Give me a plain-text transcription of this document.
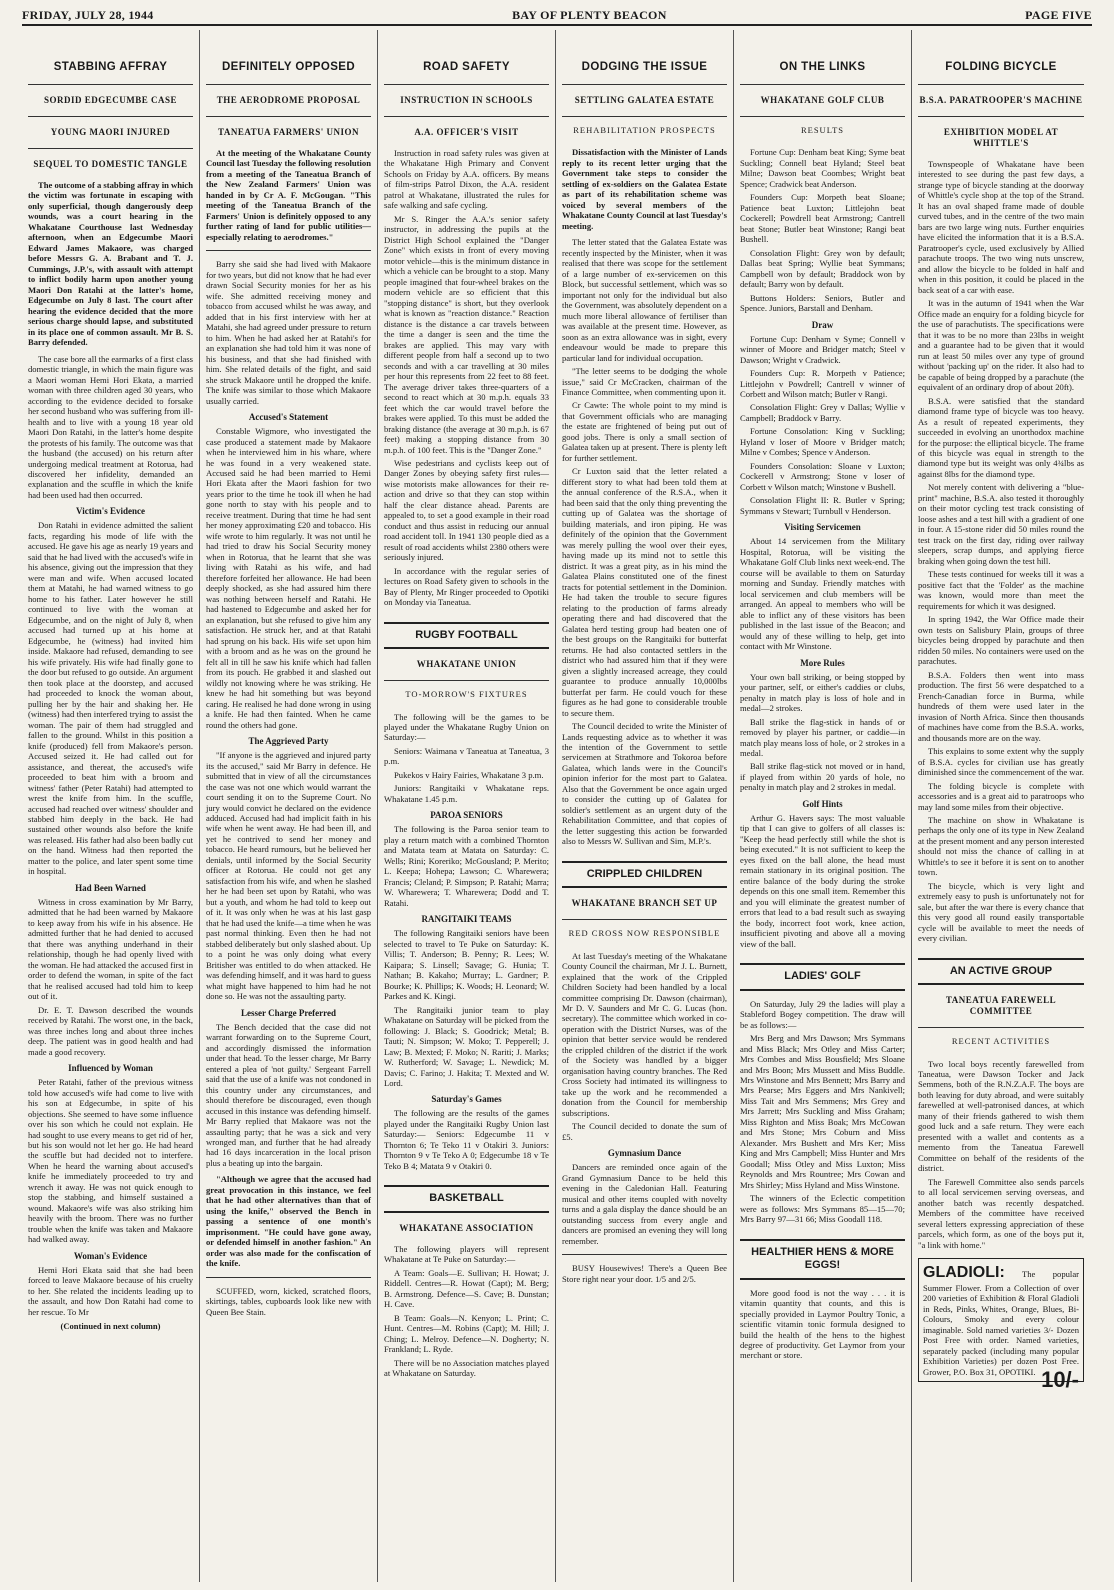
FRIDAY, JULY 28, 1944	BAY OF PLENTY BEACON	PAGE FIVE
STABBING AFFRAY
SORDID EDGECUMBE CASE
YOUNG MAORI INJURED
SEQUEL TO DOMESTIC TANGLE
The outcome of a stabbing affray in which the victim was fortunate in escaping with only superficial, though dangerously deep wounds, was a court hearing in the Whakatane Courthouse last Wednesday afternoon, when an Edgecumbe Maori Edward James Makaore, was charged before Messrs G. A. Brabant and T. J. Cummings, J.P.'s, with assault with attempt to inflict bodily harm upon another young Maori Don Ratahi at the latter's home, Edgecumbe on July 8 last. The court after hearing the evidence decided that the more serious charge should lapse, and substituted in its place one of common assault. Mr B. S. Barry defended.

The case bore all the earmarks of a first class domestic triangle, in which the main figure was a Maori woman Hemi Hori Ekata, a married woman with three children aged 30 years, who according to the evidence decided to forsake her second husband who was suffering from ill-health and to live with a young 18 year old Maori Don Ratahi, in the latter's home despite the protests of his family. The outcome was that the husband (the accused) on his return after undergoing medical treatment at Rotorua, had discovered her infidelity, demanded an explanation and the scuffle in which the knife had been used had then occurred.

Victim's Evidence

Don Ratahi in evidence admitted the salient facts, regarding his mode of life with the accused. He gave his age as nearly 19 years and said that he had lived with the accused's wife in his absence, giving out the impression that they were man and wife. When accused located them at Matahi, he had warned witness to go home to his father. Later however he still continued to live with the woman at Edgecumbe, and on the night of July 8, when accused had turned up at his home at Edgecumbe, he (witness) had invited him inside. Makaore had refused, demanding to see his wife privately. His wife had finally gone to the door but refused to go outside. An argument then took place at the doorstep, and accused had proceeded to knock the woman about, pulling her by the hair and shaking her. He (witness) had then interfered trying to assist the woman. The pair of them had struggled and fallen to the ground. Whilst in this position a knife (produced) fell from Makaore's person. Accused seized it. He had called out for assistance, and thereat, the accused's wife proceeded to beat him with a broom and witness' father (Peter Ratahi) had attempted to wrest the knife from him. In the scuffle, accused had reached over witness' shoulder and stabbed him deeply in the back. He had sustained other wounds also before the knife was released. His father had also been badly cut on the hand. Witness had then reported the matter to the police, and later spent some time in hospital.

Had Been Warned

Witness in cross examination by Mr Barry, admitted that he had been warned by Makaore to keep away from his wife in his absence. He admitted further that he had denied to accused that there was anything underhand in their relationship, though he had openly lived with the woman. He had attacked the accused first in order to defend the woman, in spite of the fact that he realised accused had told him to keep out of it.

Dr. E. T. Dawson described the wounds received by Ratahi. The worst one, in the back, was three inches long and about three inches deep. The patient was in good health and had made a good recovery.

Influenced by Woman

Peter Ratahi, father of the previous witness told how accused's wife had come to live with his son at Edgecumbe, in spite of his objections. She seemed to have some influence over his son which he could not explain. He had sought to use every means to get rid of her, but his son would not let her go. He had heard the scuffle but had decided not to interfere. When he heard the warning about accused's knife he immediately proceeded to try and wrench it away. He was not quick enough to stop the stabbing, and himself sustained a wound. Makaore's wife was also striking him heavily with the broom. There was no further trouble when the knife was taken and Makaore had walked away.

Woman's Evidence

Hemi Hori Ekata said that she had been forced to leave Makaore because of his cruelty to her. She related the incidents leading up to the assault, and how Don Ratahi had come to her rescue. To Mr

(Continued in next column)
DEFINITELY OPPOSED
THE AERODROME PROPOSAL
TANEATUA FARMERS' UNION
At the meeting of the Whakatane County Council last Tuesday the following resolution from a meeting of the Taneatua Branch of the New Zealand Farmers' Union was handed in by Cr A. F. McGougan. "This meeting of the Taneatua Branch of the Farmers' Union is definitely opposed to any further rating of land for public utilities—especially relating to aerodromes."

Barry she said she had lived with Makaore for two years, but did not know that he had ever drawn Social Security monies for her as his wife. She admitted receiving money and tobacco from accused whilst he was away, and added that in his first interview with her at Matahi, she had agreed under pressure to return to him. When he had asked her at Ratahi's for an explanation she had told him it was none of his business, and that she had finished with him. She related details of the fight, and said she struck Makaore until he dropped the knife. The knife was similar to those which Makaore usually carried.

Accused's Statement

Constable Wigmore, who investigated the case produced a statement made by Makaore when he interviewed him in his whare, where he was found in a very weakened state. Accused said he had been married to Hemi Hori Ekata after the Maori fashion for two years prior to the time he took ill when he had gone north to stay with his people and to receive treatment. During that time he had sent her money approximating £20 and tobacco. His wife wrote to him regularly. It was not until he had tried to draw his Social Security money when in Rotorua, that he learnt that she was living with Ratahi as his wife, and had therefore forfeited her allowance. He had been deeply shocked, as she had assured him there was nothing between herself and Ratahi. He had hastened to Edgecumbe and asked her for an explanation, but she refused to give him any satisfaction. He struck her, and at that Ratahi had sprung on his back. His wife set upon him with a broom and as he was on the ground he felt all in till he saw his knife which had fallen from its pouch. He grabbed it and slashed out wildly not knowing where he was striking. He knew he had hit something but was beyond caring. He realised he had done wrong in using a knife. He had then fainted. When he came round the others had gone.

The Aggrieved Party

"If anyone is the aggrieved and injured party its the accused," said Mr Barry in defence. He submitted that in view of all the circumstances the case was not one which would warrant the court sending it on to the Supreme Court. No jury would convict he declared on the evidence adduced. Accused had had implicit faith in his wife when he went away. He had been ill, and yet he contrived to send her money and tobacco. He heard rumours, but he believed her denials, until informed by the Social Security officer at Rotorua. He could not get any satisfaction from his wife, and when he slashed her he had been set upon by Ratahi, who was but a youth, and whom he had told to keep out of it. It was only when he was at his last gasp that he had used the knife—a time when he was past normal thinking. Even then he had not stabbed deliberately but only slashed about. Up to a point he was only doing what every Britisher was entitled to do when attacked. He was defending himself, and it was hard to guess what might have happened to him had he not done so. He was not the assaulting party.

Lesser Charge Preferred

The Bench decided that the case did not warrant forwarding on to the Supreme Court, and accordingly dismissed the information under that head. To the lesser charge, Mr Barry entered a plea of 'not guilty.' Sergeant Farrell said that the use of a knife was not condoned in this country under any circumstances, and should therefore be discouraged, even though accused in this instance was defending himself. Mr Barry replied that Makaore was not the assaulting party; that he was a sick and very wronged man, and further that he had already had 16 days incarceration in the local prison plus a beating up into the bargain.

"Although we agree that the accused had great provocation in this instance, we feel that he had other alternatives than that of using the knife," observed the Bench in passing a sentence of one month's imprisonment. "He could have gone away, or defended himself in another fashion." An order was also made for the confiscation of the knife.

SCUFFED, worn, kicked, scratched floors, skirtings, tables, cupboards look like new with Queen Bee Stain.

ROAD SAFETY
INSTRUCTION IN SCHOOLS
A.A. OFFICER'S VISIT

Instruction in road safety rules was given at the Whakatane High Primary and Convent Schools on Friday by A.A. officers. By means of film-strips Patrol Dixon, the A.A. resident patrol at Whakatane, illustrated the rules for safe walking and safe cycling.

Mr S. Ringer the A.A.'s senior safety instructor, in addressing the pupils at the District High School explained the "Danger Zone" which exists in front of every moving motor vehicle—this is the minimum distance in which a vehicle can be brought to a stop. Many people imagined that four-wheel brakes on the modern vehicle are so efficient that this "stopping distance" is short, but they overlook what is known as "reaction distance." Reaction distance is the distance a car travels between the time a danger is seen and the time the brakes are applied. This may vary with different people from half a second up to two seconds and with a car travelling at 30 miles per hour this represents from 22 feet to 88 feet. The average driver takes three-quarters of a second to react which at 30 m.p.h. equals 33 feet which the car would travel before the brakes were applied. To this must be added the braking distance (the average at 30 m.p.h. is 67 feet) making a stopping distance from 30 m.p.h. of 100 feet. This is the "Danger Zone."

Wise pedestrians and cyclists keep out of Danger Zones by obeying safety first rules—wise motorists make allowances for their re-action and drive so that they can stop within half the clear distance ahead. Parents are appealed to, to set a good example in their road conduct and thus assist in reducing our annual road accident toll. In 1941 130 people died as a result of road accidents whilst 2380 others were seriously injured.

In accordance with the regular series of lectures on Road Safety given to schools in the Bay of Plenty, Mr Ringer proceeded to Opotiki on Monday via Taneatua.

RUGBY FOOTBALL
WHAKATANE UNION
TO-MORROW'S FIXTURES

The following will be the games to be played under the Whakatane Rugby Union on Saturday:—

Seniors: Waimana v Taneatua at Taneatua, 3 p.m.

Pukekos v Hairy Fairies, Whakatane 3 p.m.

Juniors: Rangitaiki v Whakatane reps. Whakatane 1.45 p.m.

PAROA SENIORS

The following is the Paroa senior team to play a return match with a combined Thornton and Matata team at Matata on Saturday: C. Wells; Rini; Koreriko; McGousland; P. Merito; L. Keepa; Hohepa; Lawson; C. Wharewera; Francis; Cleland; P. Simpson; P. Ratahi; Marra; W. Wharewera; T. Wharewera; Dodd and T. Ratahi.

RANGITAIKI TEAMS

The following Rangitaiki seniors have been selected to travel to Te Puke on Saturday: K. Villis; T. Anderson; B. Penny; R. Lees; W. Kaipara; S. Linsell; Savage; G. Hunia; T. Nathan; B. Kakaho; Murray; L. Gardner; P. Bourke; K. Phillips; K. Woods; H. Leonard; W. Parkes and K. Kingi.

The Rangitaiki junior team to play Whakatane on Saturday will be picked from the following: J. Black; S. Goodrick; Metal; B. Tauti; N. Simpson; W. Moko; T. Pepperell; J. Law; B. Mexted; F. Moko; N. Rariti; J. Marks; W. Rutherford; W. Savage; L. Newdick; M. Davis; C. Farino; J. Hakita; T. Mexted and W. Lord.

Saturday's Games

The following are the results of the games played under the Rangitaiki Rugby Union last Saturday:— Seniors: Edgecumbe 11 v Thornton 6; Te Teko 11 v Otakiri 3. Juniors: Thornton 9 v Te Teko A 0; Edgecumbe 18 v Te Teko B 4; Matata 9 v Otakiri 0.

BASKETBALL
WHAKATANE ASSOCIATION

The following players will represent Whakatane at Te Puke on Saturday:—

A Team: Goals—E. Sullivan; H. Howat; J. Riddell. Centres—R. Howat (Capt); M. Berg; B. Armstrong. Defence—S. Cave; B. Dunstan; H. Cave.

B Team: Goals—N. Kenyon; L. Print; C. Hunt. Centres—M. Robins (Capt); M. Hill; J. Ching; L. Melroy. Defence—N. Dogherty; N. Frankland; L. Ryde.

There will be no Association matches played at Whakatane on Saturday.

DODGING THE ISSUE
SETTLING GALATEA ESTATE
REHABILITATION PROSPECTS
Dissatisfaction with the Minister of Lands reply to its recent letter urging that the Government take steps to consider the settling of ex-soldiers on the Galatea Estate as part of its rehabilitation scheme was voiced by several members of the Whakatane County Council at last Tuesday's meeting.

The letter stated that the Galatea Estate was recently inspected by the Minister, when it was realised that there was scope for the settlement of a large number of ex-servicemen on this Block, but successful settlement, which was so important not only for the individual but also the Government, was absolutely dependent on a much more liberal allowance of fertiliser than was available at the present time. However, as soon as an extra allowance was in sight, every endeavour would be made to prepare this particular land for individual occupation.

"The letter seems to be dodging the whole issue," said Cr McCracken, chairman of the Finance Committee, when commenting upon it.

Cr Cawte: The whole point to my mind is that Government officials who are managing the estate are frightened of being put out of good jobs. There is only a small section of Galatea taken up at present. There is plenty left for further settlement.

Cr Luxton said that the letter related a different story to what had been told them at the annual conference of the R.S.A., when it had been said that the only thing preventing the cutting up of Galatea was the shortage of building materials, and iron piping. He was definitely of the opinion that the Government was merely pulling the wool over their eyes, having made up its mind not to settle this district. It was a great pity, as in his mind the Galatea Plains constituted one of the finest tracts for potential settlement in the Dominion. He had taken the trouble to secure figures relating to the production of farms already operating there and had discovered that the Galatea herd testing group had beaten one of the best groups on the Rangitaiki for butterfat returns. He had also contacted settlers in the district who had assured him that if they were given a slightly increased acreage, they could guarantee to produce annually 10,000lbs butterfat per farm. He could vouch for these figures as he had gone to considerable trouble to secure them.

The Council decided to write the Minister of Lands requesting advice as to whether it was the intention of the Government to settle servicemen at Strathmore and Tokoroa before Galatea, which lands were in the Council's opinion inferior for the most part to Galatea. Also that the Government be once again urged to consider the cutting up of Galatea for soldier's settlement as an urgent duty of the Rehabilitation Committee, and that copies of the letter suggesting this action be forwarded also to Messrs W. Sullivan and Sim, M.P.'s.

CRIPPLED CHILDREN
WHAKATANE BRANCH SET UP
RED CROSS NOW RESPONSIBLE

At last Tuesday's meeting of the Whakatane County Council the chairman, Mr J. L. Burnett, explained that the work of the Crippled Children Society had been handled by a local committee comprising Dr. Dawson (chairman), Mr D. V. Saunders and Mr C. G. Lucas (hon. secretary). The committee which worked in co-operation with the District Nurses, was of the opinion that better service would be rendered the crippled children of the district if the work of the Society was handled by a bigger organisation having country branches. The Red Cross Society had intimated its willingness to take up the work and he recommended a donation from the Council for membership subscriptions.

The Council decided to donate the sum of £5.

Gymnasium Dance

Dancers are reminded once again of the Grand Gymnasium Dance to be held this evening in the Caledonian Hall. Featuring musical and other items coupled with novelty turns and a gala display the dance should be an outstanding success from every angle and dancers are promised an evening they will long remember.

BUSY Housewives! There's a Queen Bee Store right near your door. 1/5 and 2/5.

ON THE LINKS
WHAKATANE GOLF CLUB
RESULTS

Fortune Cup: Denham beat King; Syme beat Suckling; Connell beat Hyland; Steel beat Milne; Dawson beat Coombes; Wright beat Spence; Cradwick beat Anderson.

Founders Cup: Morpeth beat Sloane; Patience beat Luxton; Littlejohn beat Cockerell; Powdrell beat Armstrong; Cantrell beat Stone; Butler beat Winstone; Rangi beat Bushell.

Consolation Flight: Grey won by default; Dallas beat Spring; Wyllie beat Symmans; Campbell won by default; Braddock won by default; Barry won by default.

Buttons Holders: Seniors, Butler and Spence. Juniors, Barstall and Denham.

Draw

Fortune Cup: Denham v Syme; Connell v winner of Moore and Bridger match; Steel v Dawson; Wright v Cradwick.

Founders Cup: R. Morpeth v Patience; Littlejohn v Powdrell; Cantrell v winner of Corbett and Wilson match; Butler v Rangi.

Consolation Flight: Grey v Dallas; Wyllie v Campbell; Braddock v Barry.

Fortune Consolation: King v Suckling; Hyland v loser of Moore v Bridger match; Milne v Combes; Spence v Anderson.

Founders Consolation: Sloane v Luxton; Cockerell v Armstrong; Stone v loser of Corbett v Wilson match; Winstone v Bushell.

Consolation Flight II: R. Butler v Spring; Symmans v Stewart; Turnbull v Henderson.

Visiting Servicemen

About 14 servicemen from the Military Hospital, Rotorua, will be visiting the Whakatane Golf Club links next week-end. The course will be available to them on Saturday morning and Sunday. Friendly matches with local servicemen and club members will be arranged. An appeal to members who will be able to inflict any of these visitors has been published in the last issue of the Beacon; and would any of these willing to help, get into contact with Mr Winstone.

More Rules

Your own ball striking, or being stopped by your partner, self, or either's caddies or clubs, penalty in match play is loss of hole and in medal—2 strokes.

Ball strike the flag-stick in hands of or removed by player his partner, or caddie—in match play means loss of hole, or 2 strokes in a medal.

Ball strike flag-stick not moved or in hand, if played from within 20 yards of hole, no penalty in match play and 2 strokes in medal.

Golf Hints

Arthur G. Havers says: The most valuable tip that I can give to golfers of all classes is: "Keep the head perfectly still while the shot is being executed." It is not sufficient to keep the eyes fixed on the ball alone, the head must remain stationary in its original position. The entire balance of the body during the stroke depends on this one small item. Remember this and you will eliminate the greatest number of errors that lead to a bad result such as swaying the body, incorrect foot work, knee action, insufficient pivoting and above all a moving view of the ball.

LADIES' GOLF

On Saturday, July 29 the ladies will play a Stableford Bogey competition. The draw will be as follows:—

Mrs Berg and Mrs Dawson; Mrs Symmans and Miss Black; Mrs Otley and Miss Carter; Mrs Combes and Miss Bousfield; Mrs Sloane and Mrs Boon; Mrs Mussett and Miss Buddle. Mrs Winstone and Mrs Bennett; Mrs Barry and Mrs Pearse; Mrs Eggers and Mrs Nankivell; Miss Tait and Mrs Semmens; Mrs Grey and Mrs Jarrett; Mrs Suckling and Miss Graham; Miss Righton and Miss Boak; Mrs McCowan and Mrs Stone; Mrs Coburn and Miss Alexander. Mrs Bushett and Mrs Ker; Miss King and Mrs Campbell; Miss Hunter and Mrs Goodall; Miss Otley and Miss Luxton; Miss Reynolds and Mrs Rountree; Mrs Cowan and Mrs Shirley; Miss Hyland and Miss Winstone.

The winners of the Eclectic competition were as follows: Mrs Symmans 85—15—70; Mrs Barry 97—31 66; Miss Goodall 118.

HEALTHIER HENS & MORE EGGS!

More good food is not the way . . . it is vitamin quantity that counts, and this is specially provided in Laymor Poultry Tonic, a scientific vitamin tonic formula designed to build the health of the hens to the highest degree of productivity. Get Laymor from your merchant or store.

FOLDING BICYCLE
B.S.A. PARATROOPER'S MACHINE
EXHIBITION MODEL AT WHITTLE'S

Townspeople of Whakatane have been interested to see during the past few days, a strange type of bicycle standing at the doorway of Whittle's cycle shop at the top of the Strand. It has an oval shaped frame made of double curved tubes, and in the centre of the two main bars are two large wing nuts. Further enquiries have elicited the information that it is a B.S.A. Paratrooper's cycle, used exclusively by Allied parachute troops. The two wing nuts unscrew, and allow the bicycle to be folded in half and when in this position, it could be placed in the back seat of a car with ease.

It was in the autumn of 1941 when the War Office made an enquiry for a folding bicycle for the use of parachutists. The specifications were that it was to be no more than 23lbs in weight and a guarantee had to be given that it would run at least 50 miles over any type of ground without 'packing up' on the rider. It also had to be capable of being dropped by a parachute (the equivalent of an ordinary drop of about 20ft).

B.S.A. were satisfied that the standard diamond frame type of bicycle was too heavy. As a result of repeated experiments, they succeeded in evolving an unorthodox machine for the purpose: the elliptical bicycle. The frame of this bicycle was equal in strength to the diamond type but its weight was only 4¾lbs as against 8lbs for the diamond type.

Not merely content with delivering a "blue-print" machine, B.S.A. also tested it thoroughly on their motor cycling test track consisting of loose ashes and a test hill with a gradient of one in four. A 15-stone rider did 50 miles round the test track on the first day, riding over railway sleepers, scrap dumps, and applying fierce braking when going down the test hill.

These tests continued for weeks till it was a positive fact that the 'Folder' as the machine was known, would more than meet the requirements for which it was designed.

In spring 1942, the War Office made their own tests on Salisbury Plain, groups of three bicycles being dropped by parachute and then ridden 50 miles. No containers were used on the parachutes.

B.S.A. Folders then went into mass production. The first 56 were despatched to a French-Canadian force in Burma, while hundreds of them were used later in the invasion of North Africa. Since then thousands of machines have come from the B.S.A. works, and thousands more are on the way.

This explains to some extent why the supply of B.S.A. cycles for civilian use has greatly diminished since the commencement of the war.

The folding bicycle is complete with accessories and is a great aid to paratroops who may land some miles from their objective.

The machine on show in Whakatane is perhaps the only one of its type in New Zealand at the present moment and any person interested should not miss the chance of calling in at Whittle's to see it before it is sent on to another town.

The bicycle, which is very light and extremely easy to push is unfortunately not for sale, but after the war there is every chance that this very good all round easily transportable cycle will be available to meet the needs of every civilian.

AN ACTIVE GROUP
TANEATUA FAREWELL COMMITTEE
RECENT ACTIVITIES

Two local boys recently farewelled from Taneatua, were Dawson Tocker and Jack Semmens, both of the R.N.Z.A.F. The boys are both leaving for duty abroad, and were suitably farewelled at well-patronised dances, at which many of their friends gathered to wish them good luck and a safe return. They were each presented with a wallet and contents as a memento from the Taneatua Farewell Committee on behalf of the residents of the district.

The Farewell Committee also sends parcels to all local servicemen serving overseas, and another batch was recently despatched. Members of the committee have received several letters expressing appreciation of these parcels, which form, as one of the boys put it, "a link with home."

GLADIOLI: The popular Summer Flower. From a Collection of over 200 varieties of Exhibition & Floral Gladioli in Reds, Pinks, Whites, Orange, Blues, Bi-Colours, Smoky and every colour imaginable. Sold named varieties 3/- Dozen Post Free with order. Named varieties, separately packed (including many popular Exhibition Varieties) per dozen Post Free. Grower, P.O. Box 31, OPOTIKI. 10/-
